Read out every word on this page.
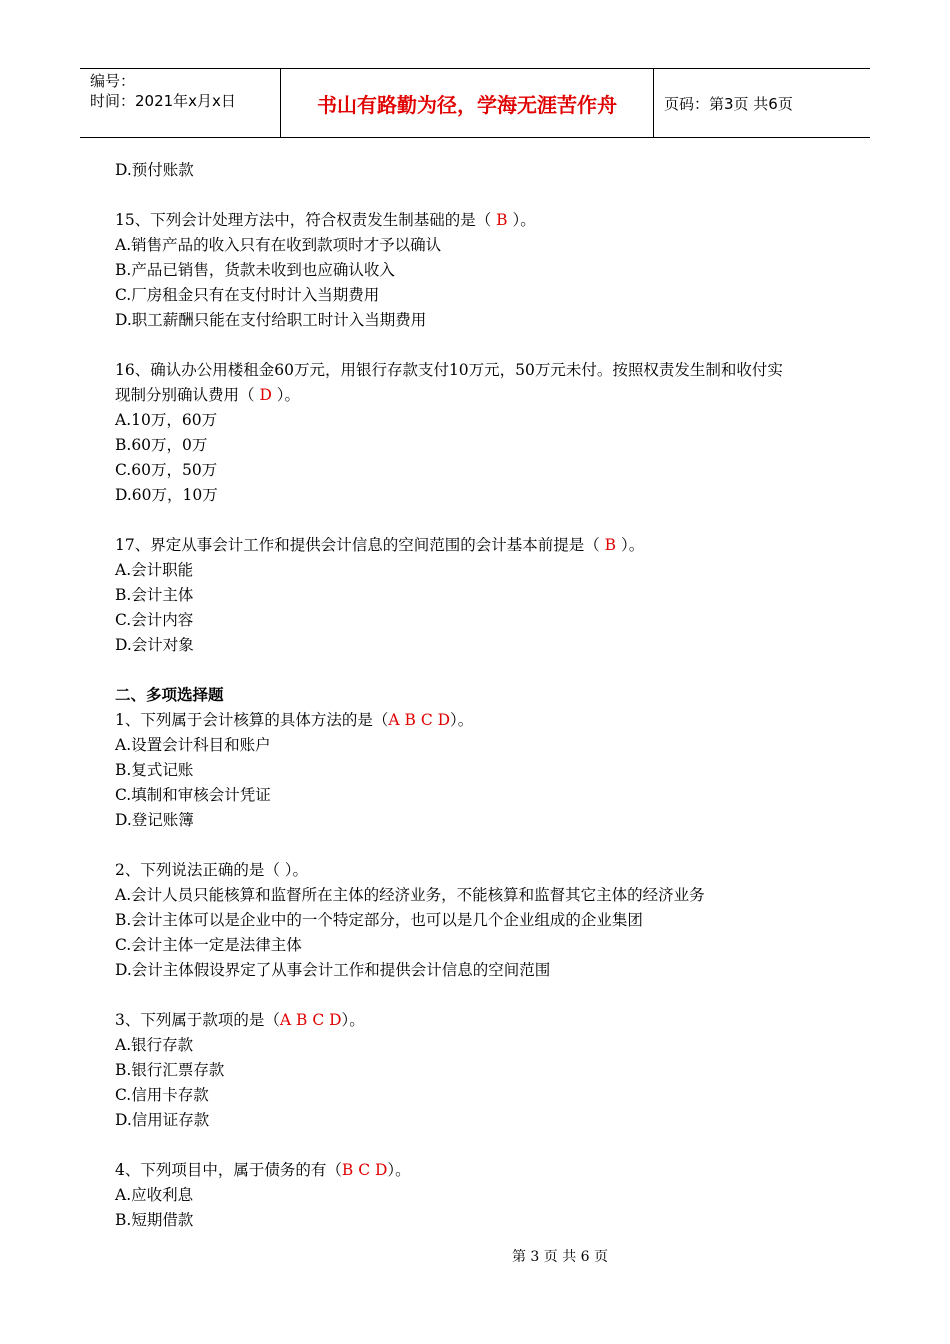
编号：
时间：2021年x月x日	书山有路勤为径，学海无涯苦作舟	页码：第3页 共6页
D.预付账款
15、下列会计处理方法中，符合权责发生制基础的是（ B ）。
A.销售产品的收入只有在收到款项时才予以确认
B.产品已销售，货款未收到也应确认收入
C.厂房租金只有在支付时计入当期费用
D.职工薪酬只能在支付给职工时计入当期费用
16、确认办公用楼租金60万元，用银行存款支付10万元，50万元未付。按照权责发生制和收付实
现制分别确认费用（ D ）。
A.10万，60万
B.60万，0万
C.60万，50万
D.60万，10万
17、界定从事会计工作和提供会计信息的空间范围的会计基本前提是（ B ）。
A.会计职能
B.会计主体
C.会计内容
D.会计对象
二、多项选择题
1、下列属于会计核算的具体方法的是（A B C D）。
A.设置会计科目和账户
B.复式记账
C.填制和审核会计凭证
D.登记账簿
2、下列说法正确的是（ ）。
A.会计人员只能核算和监督所在主体的经济业务，不能核算和监督其它主体的经济业务
B.会计主体可以是企业中的一个特定部分，也可以是几个企业组成的企业集团
C.会计主体一定是法律主体
D.会计主体假设界定了从事会计工作和提供会计信息的空间范围
3、下列属于款项的是（A B C D）。
A.银行存款
B.银行汇票存款
C.信用卡存款
D.信用证存款
4、下列项目中，属于债务的有（B C D）。
A.应收利息
B.短期借款
第 3 页 共 6 页
